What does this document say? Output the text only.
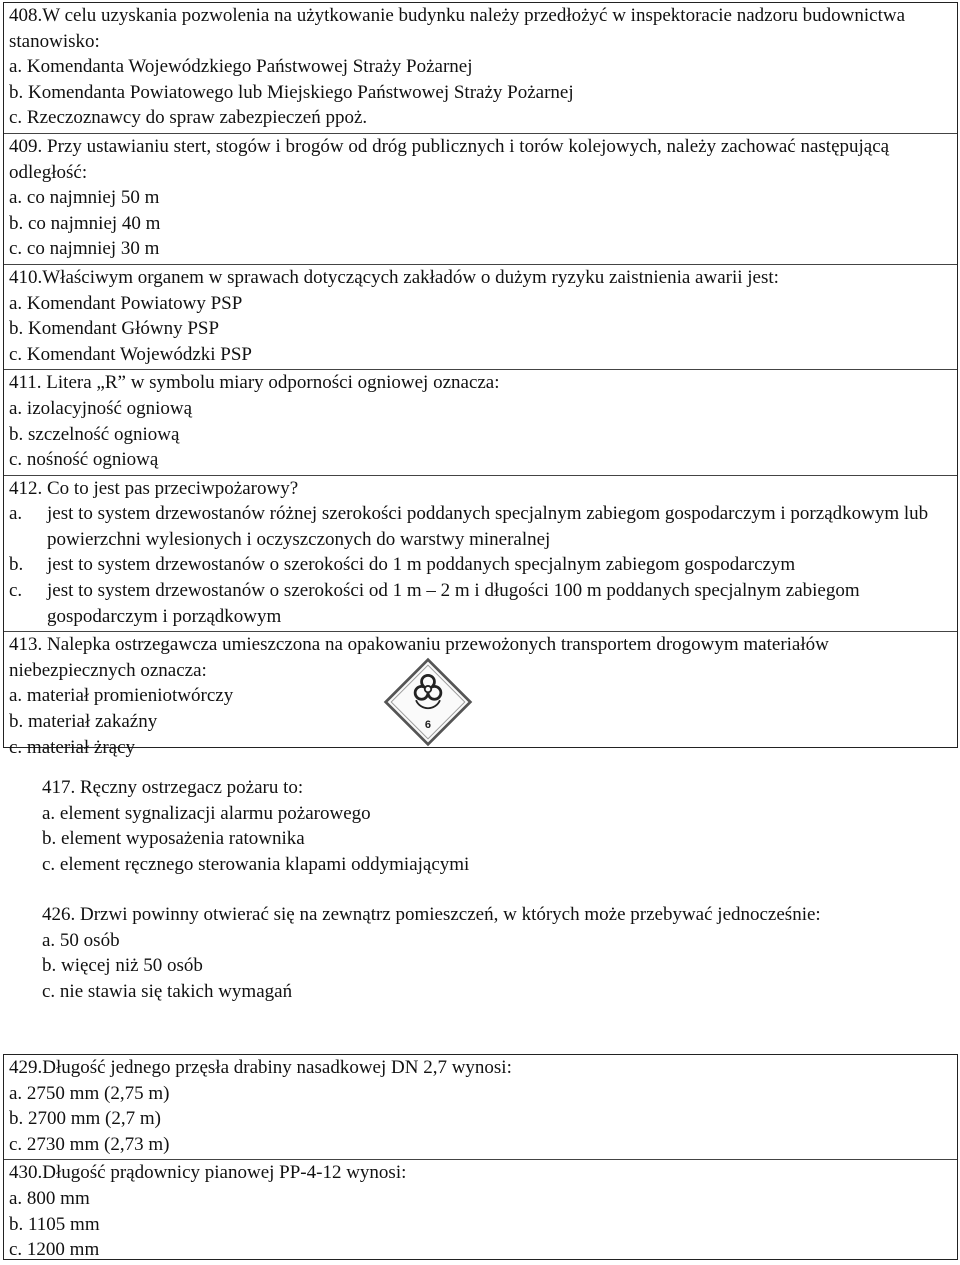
408.W celu uzyskania pozwolenia na użytkowanie budynku należy przedłożyć w inspektoracie nadzoru budownictwa stanowisko:
a. Komendanta Wojewódzkiego Państwowej Straży Pożarnej
b. Komendanta Powiatowego lub Miejskiego Państwowej Straży Pożarnej
c. Rzeczoznawcy do spraw zabezpieczeń ppoż.
409. Przy ustawianiu stert, stogów i brogów od dróg publicznych i torów kolejowych, należy zachować następującą odległość:
a. co najmniej 50 m
b. co najmniej 40 m
c. co najmniej 30 m
410.Właściwym organem w sprawach dotyczących zakładów o dużym ryzyku zaistnienia awarii jest:
a. Komendant Powiatowy PSP
b. Komendant Główny PSP
c. Komendant Wojewódzki PSP
411. Litera „R” w symbolu miary odporności ogniowej oznacza:
a. izolacyjność ogniową
b. szczelność ogniową
c. nośność ogniową
412. Co to jest pas przeciwpożarowy?
a.	jest to system drzewostanów różnej szerokości poddanych specjalnym zabiegom gospodarczym i porządkowym lub powierzchni wylesionych i oczyszczonych do warstwy mineralnej
b.	jest to system drzewostanów o szerokości do 1 m poddanych specjalnym zabiegom gospodarczym
c.	jest to system drzewostanów o szerokości od 1 m – 2 m i długości 100 m poddanych specjalnym zabiegom gospodarczym i porządkowym
413. Nalepka ostrzegawcza umieszczona na opakowaniu przewożonych transportem drogowym materiałów niebezpiecznych oznacza:
a. materiał promieniotwórczy
b. materiał zakaźny
c. materiał żrący
6
417. Ręczny ostrzegacz pożaru to:
a. element sygnalizacji alarmu pożarowego
b. element wyposażenia ratownika
c. element ręcznego sterowania klapami oddymiającymi
426. Drzwi powinny otwierać się na zewnątrz pomieszczeń, w których może przebywać jednocześnie:
a. 50 osób
b. więcej niż 50 osób
c. nie stawia się takich wymagań
429.Długość jednego przęsła drabiny nasadkowej DN 2,7 wynosi:
a. 2750 mm (2,75 m)
b. 2700 mm (2,7 m)
c. 2730 mm (2,73 m)
430.Długość prądownicy pianowej PP-4-12 wynosi:
a. 800 mm
b. 1105 mm
c. 1200 mm
